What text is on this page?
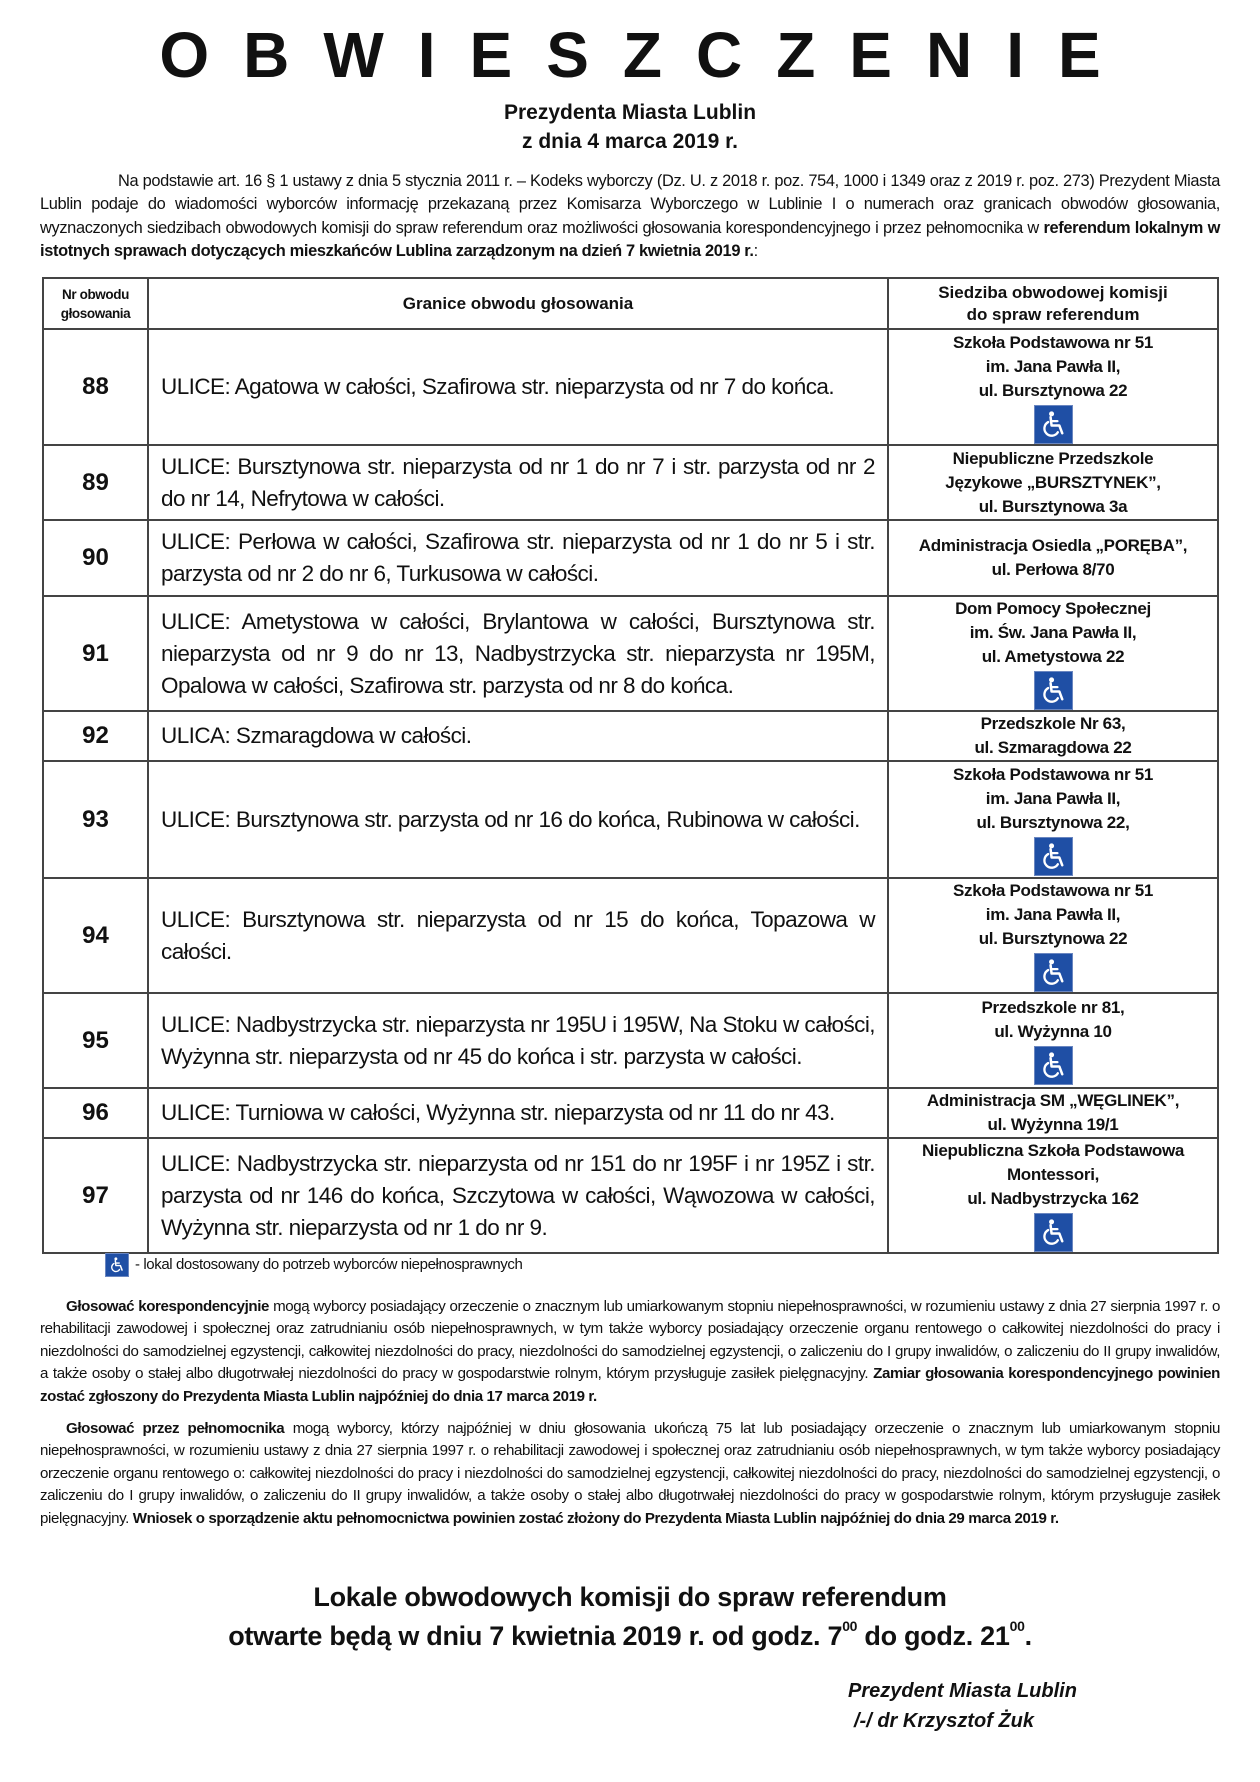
OBWIESZCZENIE
Prezydenta Miasta Lublin
z dnia 4 marca 2019 r.
Na podstawie art. 16 § 1 ustawy z dnia 5 stycznia 2011 r. – Kodeks wyborczy (Dz. U. z 2018 r. poz. 754, 1000 i 1349 oraz z 2019 r. poz. 273) Prezydent Miasta Lublin podaje do wiadomości wyborców informację przekazaną przez Komisarza Wyborczego w Lublinie I o numerach oraz granicach obwodów głosowania, wyznaczonych siedzibach obwodowych komisji do spraw referendum oraz możliwości głosowania korespondencyjnego i przez pełnomocnika w referendum lokalnym w istotnych sprawach dotyczących mieszkańców Lublina zarządzonym na dzień 7 kwietnia 2019 r.:
Nr obwodu głosowania	Granice obwodu głosowania	Siedziba obwodowej komisji do spraw referendum
88	ULICE: Agatowa w całości, Szafirowa str. nieparzysta od nr 7 do końca.	Szkoła Podstawowa nr 51
im. Jana Pawła II,
ul. Bursztynowa 22

89	ULICE: Bursztynowa str. nieparzysta od nr 1 do nr 7 i str. parzysta od nr 2 do nr 14, Nefrytowa w całości.	Niepubliczne Przedszkole
Językowe „BURSZTYNEK”,
ul. Bursztynowa 3a

90	ULICE: Perłowa w całości, Szafirowa str. nieparzysta od nr 1 do nr 5 i str. parzysta od nr 2 do nr 6, Turkusowa w całości.	Administracja Osiedla „PORĘBA”,
ul. Perłowa 8/70

91	ULICE: Ametystowa w całości, Brylantowa w całości, Bursztynowa str. nieparzysta od nr 9 do nr 13, Nadbystrzycka str. nieparzysta nr 195M, Opalowa w całości, Szafirowa str. parzysta od nr 8 do końca.	Dom Pomocy Społecznej
im. Św. Jana Pawła II,
ul. Ametystowa 22

92	ULICA: Szmaragdowa w całości.	Przedszkole Nr 63,
ul. Szmaragdowa 22

93	ULICE: Bursztynowa str. parzysta od nr 16 do końca, Rubinowa w całości.	Szkoła Podstawowa nr 51
im. Jana Pawła II,
ul. Bursztynowa 22,

94	ULICE: Bursztynowa str. nieparzysta od nr 15 do końca, Topazowa w całości.	Szkoła Podstawowa nr 51
im. Jana Pawła II,
ul. Bursztynowa 22

95	ULICE: Nadbystrzycka str. nieparzysta nr 195U i 195W, Na Stoku w całości, Wyżynna str. nieparzysta od nr 45 do końca i str. parzysta w całości.	Przedszkole nr 81,
ul. Wyżynna 10

96	ULICE: Turniowa w całości, Wyżynna str. nieparzysta od nr 11 do nr 43.	Administracja SM „WĘGLINEK”,
ul. Wyżynna 19/1

97	ULICE: Nadbystrzycka str. nieparzysta od nr 151 do nr 195F i nr 195Z i str. parzysta od nr 146 do końca, Szczytowa w całości, Wąwozowa w całości, Wyżynna str. nieparzysta od nr 1 do nr 9.	Niepubliczna Szkoła Podstawowa
Montessori,
ul. Nadbystrzycka 162
- lokal dostosowany do potrzeb wyborców niepełnosprawnych
Głosować korespondencyjnie mogą wyborcy posiadający orzeczenie o znacznym lub umiarkowanym stopniu niepełnosprawności, w rozumieniu ustawy z dnia 27 sierpnia 1997 r. o rehabilitacji zawodowej i społecznej oraz zatrudnianiu osób niepełnosprawnych, w tym także wyborcy posiadający orzeczenie organu rentowego o całkowitej niezdolności do pracy i niezdolności do samodzielnej egzystencji, całkowitej niezdolności do pracy, niezdolności do samodzielnej egzystencji, o zaliczeniu do I grupy inwalidów, o zaliczeniu do II grupy inwalidów, a także osoby o stałej albo długotrwałej niezdolności do pracy w gospodarstwie rolnym, którym przysługuje zasiłek pielęgnacyjny. Zamiar głosowania korespondencyjnego powinien zostać zgłoszony do Prezydenta Miasta Lublin najpóźniej do dnia 17 marca 2019 r.
Głosować przez pełnomocnika mogą wyborcy, którzy najpóźniej w dniu głosowania ukończą 75 lat lub posiadający orzeczenie o znacznym lub umiarkowanym stopniu niepełnosprawności, w rozumieniu ustawy z dnia 27 sierpnia 1997 r. o rehabilitacji zawodowej i społecznej oraz zatrudnianiu osób niepełnosprawnych, w tym także wyborcy posiadający orzeczenie organu rentowego o: całkowitej niezdolności do pracy i niezdolności do samodzielnej egzystencji, całkowitej niezdolności do pracy, niezdolności do samodzielnej egzystencji, o zaliczeniu do I grupy inwalidów, o zaliczeniu do II grupy inwalidów, a także osoby o stałej albo długotrwałej niezdolności do pracy w gospodarstwie rolnym, którym przysługuje zasiłek pielęgnacyjny. Wniosek o sporządzenie aktu pełnomocnictwa powinien zostać złożony do Prezydenta Miasta Lublin najpóźniej do dnia 29 marca 2019 r.
Lokale obwodowych komisji do spraw referendum
otwarte będą w dniu 7 kwietnia 2019 r. od godz. $7^{00}$ do godz. $21^{00}$.
Prezydent Miasta Lublin
/-/ dr Krzysztof Żuk
